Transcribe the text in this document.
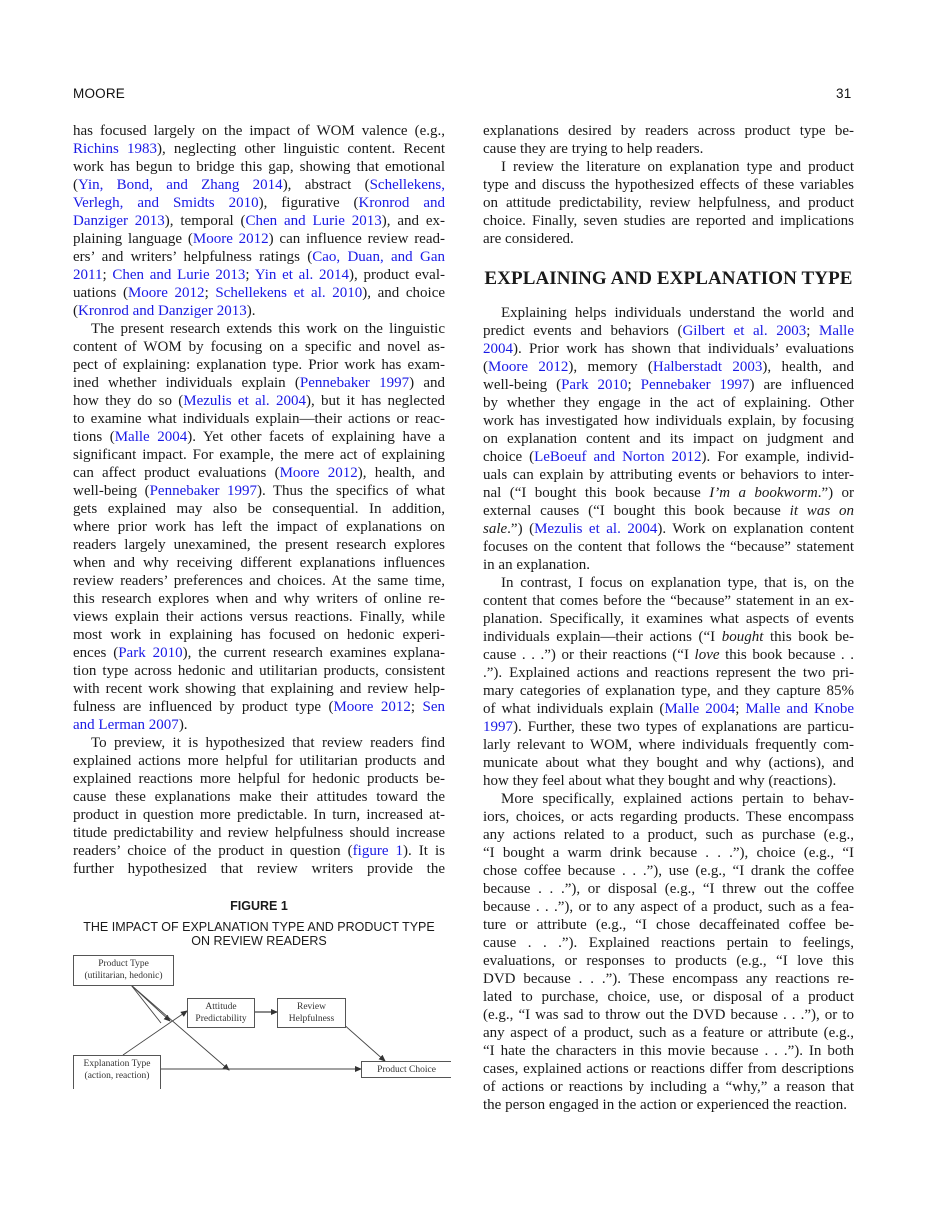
MOORE	31
has focused largely on the impact of WOM valence (e.g.,
Richins 1983), neglecting other linguistic content. Recent
work has begun to bridge this gap, showing that emotional
(Yin, Bond, and Zhang 2014), abstract (Schellekens,
Verlegh, and Smidts 2010), figurative (Kronrod and
Danziger 2013), temporal (Chen and Lurie 2013), and ex-
plaining language (Moore 2012) can influence review read-
ers’ and writers’ helpfulness ratings (Cao, Duan, and Gan
2011; Chen and Lurie 2013; Yin et al. 2014), product eval-
uations (Moore 2012; Schellekens et al. 2010), and choice
(Kronrod and Danziger 2013).
The present research extends this work on the linguistic
content of WOM by focusing on a specific and novel as-
pect of explaining: explanation type. Prior work has exam-
ined whether individuals explain (Pennebaker 1997) and
how they do so (Mezulis et al. 2004), but it has neglected
to examine what individuals explain—their actions or reac-
tions (Malle 2004). Yet other facets of explaining have a
significant impact. For example, the mere act of explaining
can affect product evaluations (Moore 2012), health, and
well-being (Pennebaker 1997). Thus the specifics of what
gets explained may also be consequential. In addition,
where prior work has left the impact of explanations on
readers largely unexamined, the present research explores
when and why receiving different explanations influences
review readers’ preferences and choices. At the same time,
this research explores when and why writers of online re-
views explain their actions versus reactions. Finally, while
most work in explaining has focused on hedonic experi-
ences (Park 2010), the current research examines explana-
tion type across hedonic and utilitarian products, consistent
with recent work showing that explaining and review help-
fulness are influenced by product type (Moore 2012; Sen
and Lerman 2007).
To preview, it is hypothesized that review readers find
explained actions more helpful for utilitarian products and
explained reactions more helpful for hedonic products be-
cause these explanations make their attitudes toward the
product in question more predictable. In turn, increased at-
titude predictability and review helpfulness should increase
readers’ choice of the product in question (figure 1). It is
further hypothesized that review writers provide the
FIGURE 1
THE IMPACT OF EXPLANATION TYPE AND PRODUCT TYPE
ON REVIEW READERS
Product Type
(utilitarian, hedonic)
Explanation Type
(action, reaction)
Attitude
Predictability
Review
Helpfulness
Product Choice
explanations desired by readers across product type be-
cause they are trying to help readers.
I review the literature on explanation type and product
type and discuss the hypothesized effects of these variables
on attitude predictability, review helpfulness, and product
choice. Finally, seven studies are reported and implications
are considered.
EXPLAINING AND EXPLANATION TYPE
Explaining helps individuals understand the world and
predict events and behaviors (Gilbert et al. 2003; Malle
2004). Prior work has shown that individuals’ evaluations
(Moore 2012), memory (Halberstadt 2003), health, and
well-being (Park 2010; Pennebaker 1997) are influenced
by whether they engage in the act of explaining. Other
work has investigated how individuals explain, by focusing
on explanation content and its impact on judgment and
choice (LeBoeuf and Norton 2012). For example, individ-
uals can explain by attributing events or behaviors to inter-
nal (“I bought this book because I’m a bookworm.”) or
external causes (“I bought this book because it was on
sale.”) (Mezulis et al. 2004). Work on explanation content
focuses on the content that follows the “because” statement
in an explanation.
In contrast, I focus on explanation type, that is, on the
content that comes before the “because” statement in an ex-
planation. Specifically, it examines what aspects of events
individuals explain—their actions (“I bought this book be-
cause . . .”) or their reactions (“I love this book because . .
.”). Explained actions and reactions represent the two pri-
mary categories of explanation type, and they capture 85%
of what individuals explain (Malle 2004; Malle and Knobe
1997). Further, these two types of explanations are particu-
larly relevant to WOM, where individuals frequently com-
municate about what they bought and why (actions), and
how they feel about what they bought and why (reactions).
More specifically, explained actions pertain to behav-
iors, choices, or acts regarding products. These encompass
any actions related to a product, such as purchase (e.g.,
“I bought a warm drink because . . .”), choice (e.g., “I
chose coffee because . . .”), use (e.g., “I drank the coffee
because . . .”), or disposal (e.g., “I threw out the coffee
because . . .”), or to any aspect of a product, such as a fea-
ture or attribute (e.g., “I chose decaffeinated coffee be-
cause . . .”). Explained reactions pertain to feelings,
evaluations, or responses to products (e.g., “I love this
DVD because . . .”). These encompass any reactions re-
lated to purchase, choice, use, or disposal of a product
(e.g., “I was sad to throw out the DVD because . . .”), or to
any aspect of a product, such as a feature or attribute (e.g.,
“I hate the characters in this movie because . . .”). In both
cases, explained actions or reactions differ from descriptions
of actions or reactions by including a “why,” a reason that
the person engaged in the action or experienced the reaction.
